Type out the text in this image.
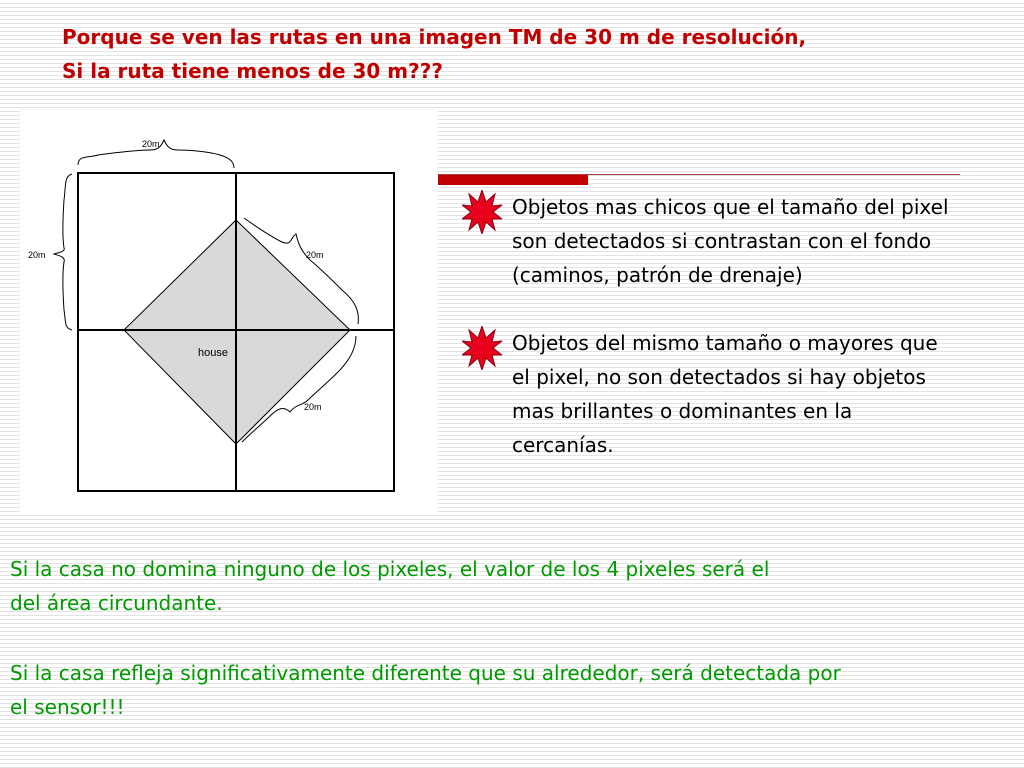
Porque se ven las rutas en una imagen TM de 30 m de resolución,
Si la ruta tiene menos de 30 m???
20m
20m	20m
20m
house
Objetos mas chicos que el tamaño del pixel son detectados si contrastan con el fondo (caminos, patrón de drenaje)
Objetos del mismo tamaño o mayores que el pixel, no son detectados si hay objetos mas brillantes o dominantes en la cercanías.
Si la casa no domina ninguno de los pixeles, el valor de los 4 pixeles será el
del área circundante.
Si la casa refleja significativamente diferente que su alrededor, será detectada por
el sensor!!!
